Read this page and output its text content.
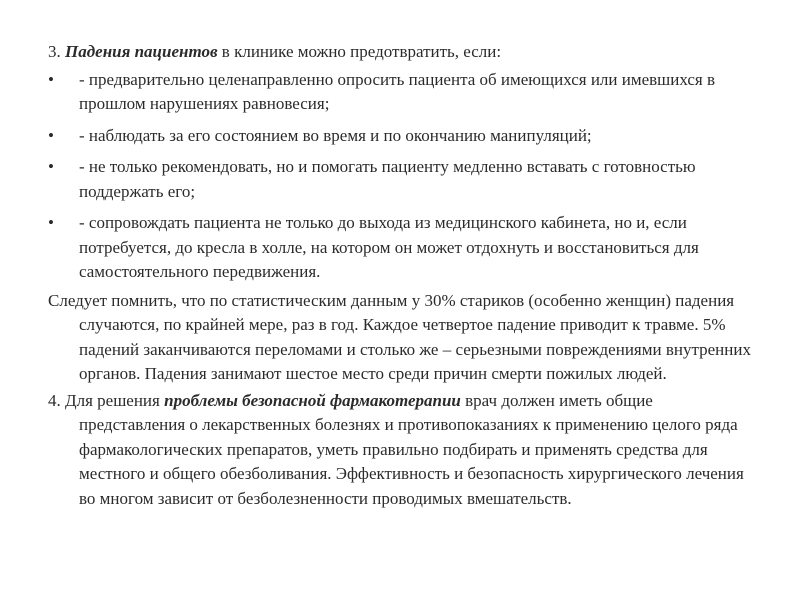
3. Падения пациентов в клинике можно предотвратить, если:

• - предварительно целенаправленно опросить пациента об имеющихся или имевшихся в прошлом нарушениях равновесия;
• - наблюдать за его состоянием во время и по окончанию манипуляций;
• - не только рекомендовать, но и помогать пациенту медленно вставать с готовностью поддержать его;
• - сопровождать пациента не только до выхода из медицинского кабинета, но и, если потребуется, до кресла в холле, на котором он может отдохнуть и восстановиться для самостоятельного передвижения.

Следует помнить, что по статистическим данным у 30% стариков (особенно женщин) падения случаются, по крайней мере, раз в год. Каждое четвертое падение приводит к травме. 5% падений заканчиваются переломами и столько же – серьезными повреждениями внутренних органов. Падения занимают шестое место среди причин смерти пожилых людей.

4. Для решения проблемы безопасной фармакотерапии врач должен иметь общие представления о лекарственных болезнях и противопоказаниях к применению целого ряда фармакологических препаратов, уметь правильно подбирать и применять средства для местного и общего обезболивания. Эффективность и безопасность хирургического лечения во многом зависит от безболезненности проводимых вмешательств.
